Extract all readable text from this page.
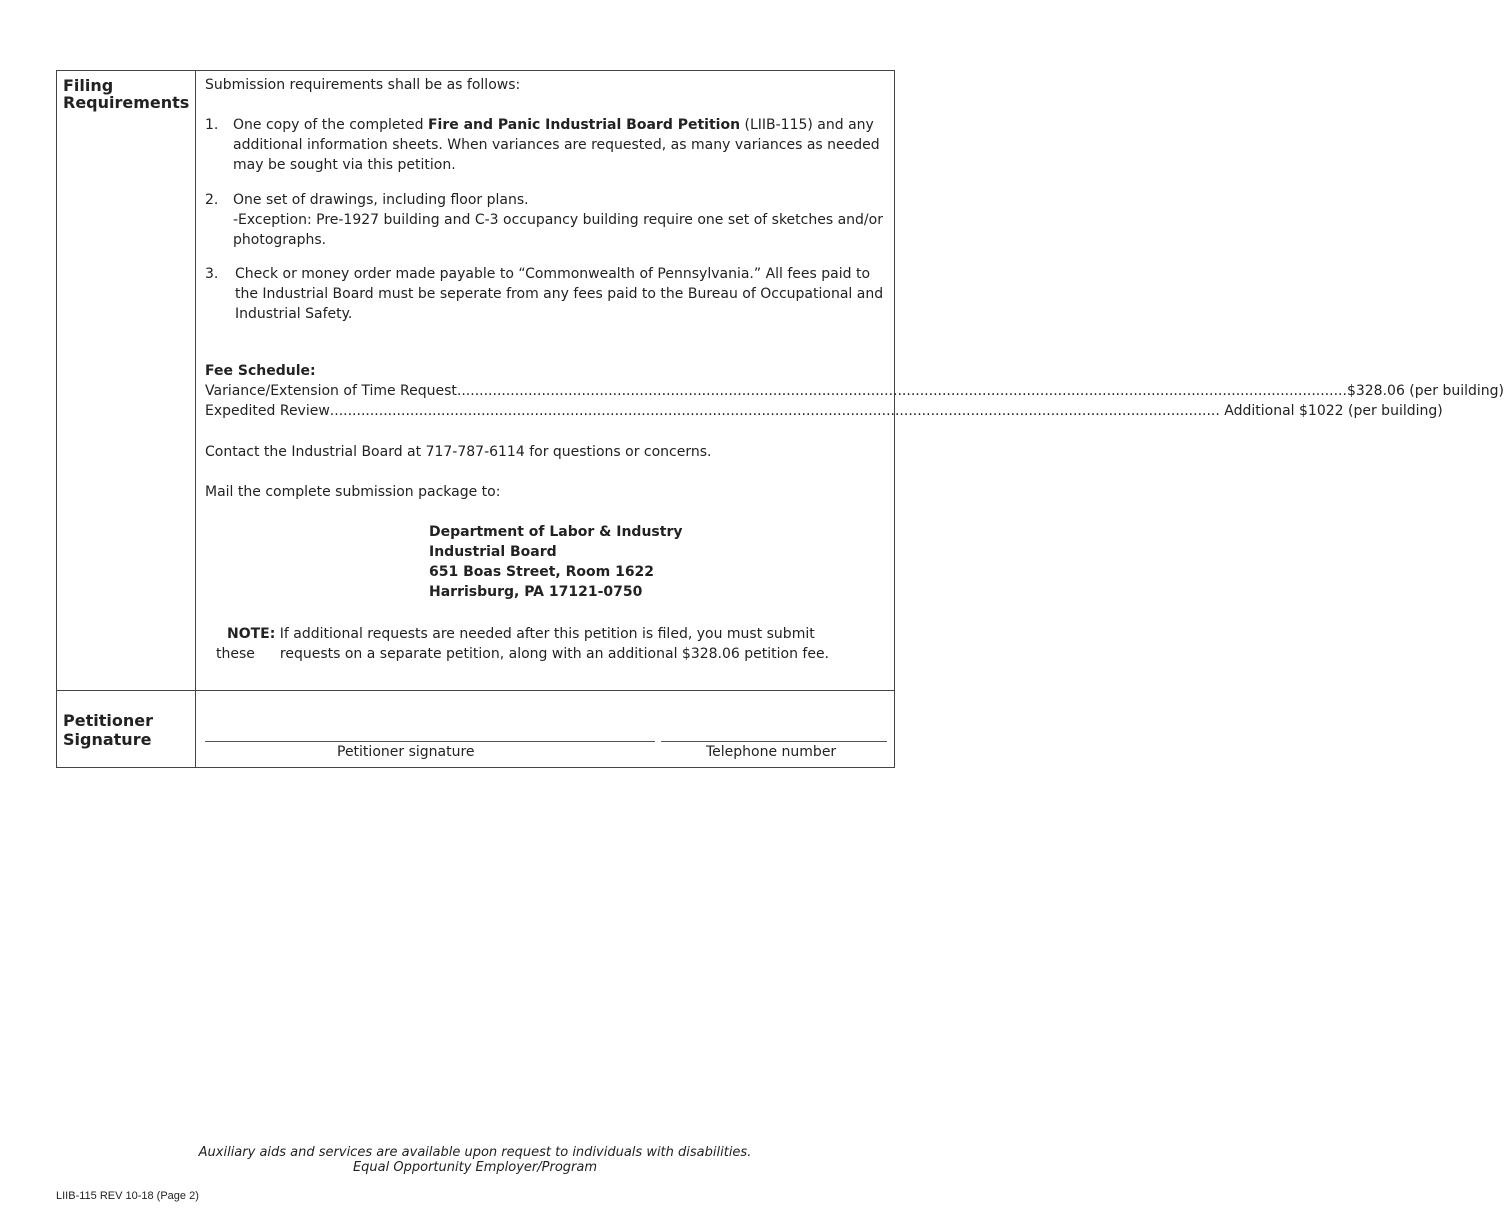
Filing
Requirements
Petitioner
Signature
Submission requirements shall be as follows:
1. One copy of the completed Fire and Panic Industrial Board Petition (LIIB-115) and any additional information sheets. When variances are requested, as many variances as needed may be sought via this petition.
2. One set of drawings, including floor plans.
-Exception: Pre-1927 building and C-3 occupancy building require one set of sketches and/or photographs.
3. Check or money order made payable to “Commonwealth of Pennsylvania.” All fees paid to the Industrial Board must be seperate from any fees paid to the Bureau of Occupational and Industrial Safety.
Fee Schedule:
Variance/Extension of Time Request ........................................................................................................................................................................................................ $328.06 (per building)
Expedited Review ........................................................................................................................................................................................................ Additional $1022 (per building)
Contact the Industrial Board at 717-787-6114 for questions or concerns.
Mail the complete submission package to:
Department of Labor & Industry
Industrial Board
651 Boas Street, Room 1622
Harrisburg, PA 17121-0750
NOTE: If additional requests are needed after this petition is filed, you must submit
these requests on a separate petition, along with an additional $328.06 petition fee.
Petitioner signature	Telephone number
Auxiliary aids and services are available upon request to individuals with disabilities.
Equal Opportunity Employer/Program
LIIB-115 REV 10-18 (Page 2)
